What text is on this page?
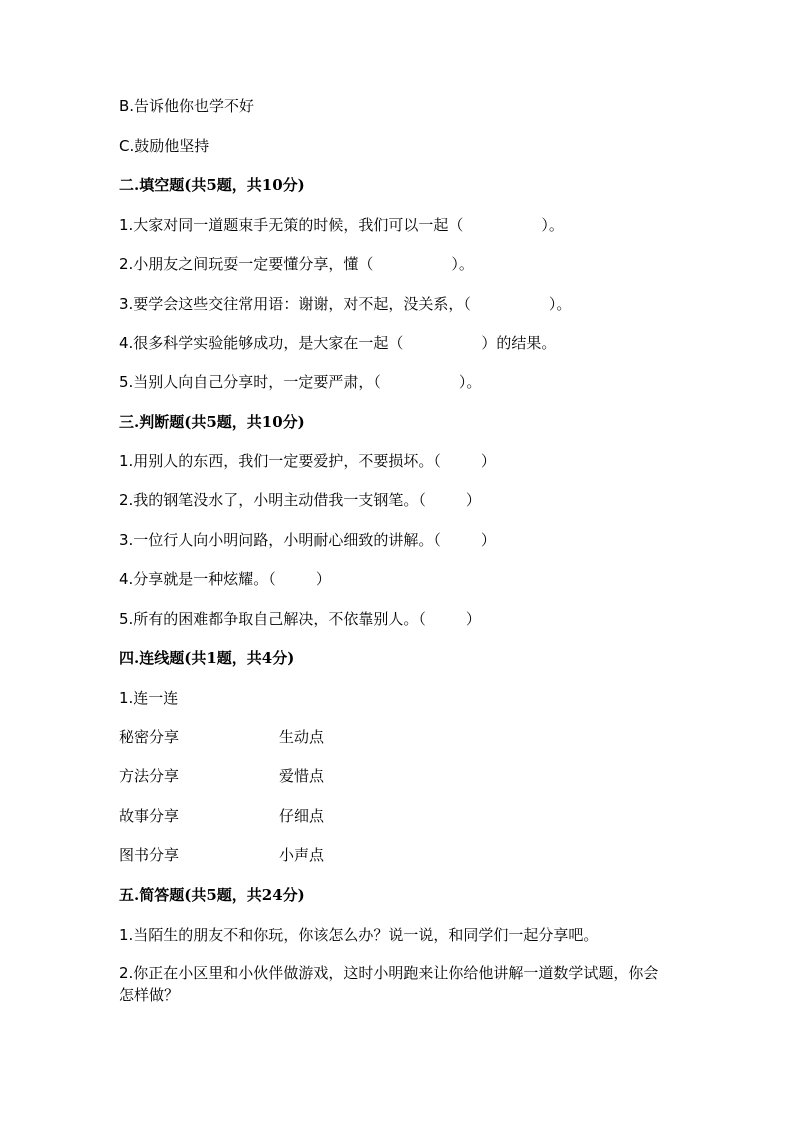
B.告诉他你也学不好
C.鼓励他坚持
二.填空题(共5题，共10分)
1.大家对同一道题束手无策的时候，我们可以一起（	）。
2.小朋友之间玩耍一定要懂分享，懂（	）。
3.要学会这些交往常用语：谢谢，对不起，没关系，（	）。
4.很多科学实验能够成功，是大家在一起（	）的结果。
5.当别人向自己分享时，一定要严肃，（	）。
三.判断题(共5题，共10分)
1.用别人的东西，我们一定要爱护，不要损坏。（	）
2.我的钢笔没水了，小明主动借我一支钢笔。（	）
3.一位行人向小明问路，小明耐心细致的讲解。（	）
4.分享就是一种炫耀。（	）
5.所有的困难都争取自己解决，不依靠别人。（	）
四.连线题(共1题，共4分)
1.连一连
秘密分享	生动点
方法分享	爱惜点
故事分享	仔细点
图书分享	小声点
五.简答题(共5题，共24分)
1.当陌生的朋友不和你玩，你该怎么办？说一说，和同学们一起分享吧。
2.你正在小区里和小伙伴做游戏，这时小明跑来让你给他讲解一道数学试题，你会怎样做？
